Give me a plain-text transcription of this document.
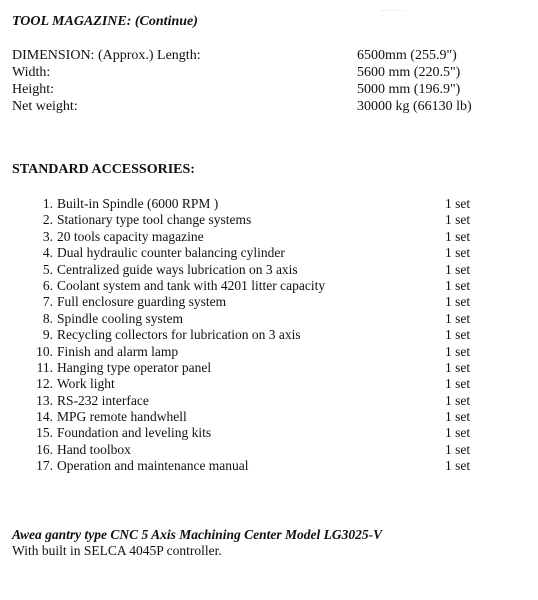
TOOL MAGAZINE: (Continue)
DIMENSION: (Approx.) Length:	6500mm (255.9")
Width:	5600 mm (220.5")
Height:	5000 mm (196.9")
Net weight:	30000 kg (66130 lb)
STANDARD ACCESSORIES:
1. Built-in Spindle (6000 RPM )	1 set
2. Stationary type tool change systems	1 set
3. 20 tools capacity magazine	1 set
4. Dual hydraulic counter balancing cylinder	1 set
5. Centralized guide ways lubrication on 3 axis	1 set
6. Coolant system and tank with 4201 litter capacity	1 set
7. Full enclosure guarding system	1 set
8. Spindle cooling system	1 set
9. Recycling collectors for lubrication on 3 axis	1 set
10. Finish and alarm lamp	1 set
11. Hanging type operator panel	1 set
12. Work light	1 set
13. RS-232 interface	1 set
14. MPG remote handwhell	1 set
15. Foundation and leveling kits	1 set
16. Hand toolbox	1 set
17. Operation and maintenance manual	1 set
Awea gantry type CNC 5 Axis Machining Center Model LG3025-V
With built in SELCA 4045P controller.
